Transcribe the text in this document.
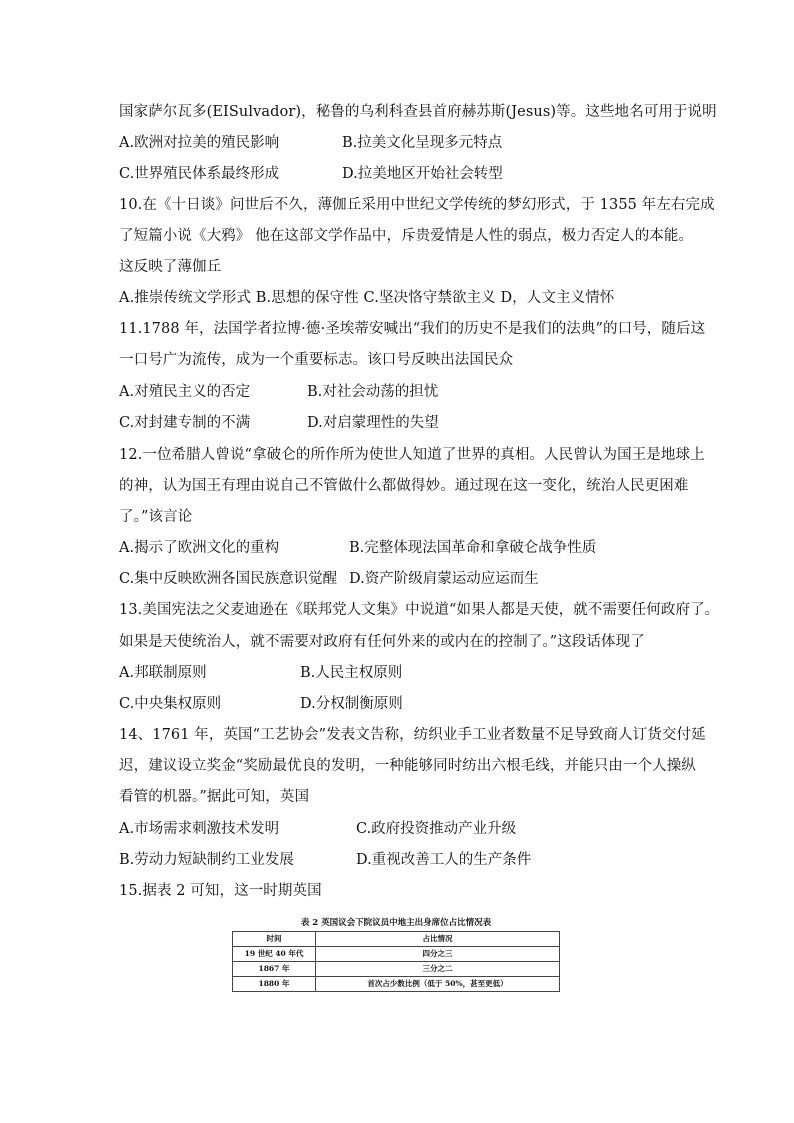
国家萨尔瓦多(EISulvador)，秘鲁的乌利科查县首府赫苏斯(Jesus)等。这些地名可用于说明
A.欧洲对拉美的殖民影响	B.拉美文化呈现多元特点
C.世界殖民体系最终形成	D.拉美地区开始社会转型
10.在《十日谈》问世后不久，薄伽丘采用中世纪文学传统的梦幻形式，于 1355 年左右完成
了短篇小说《大鸦》 他在这部文学作品中，斥贵爱情是人性的弱点，极力否定人的本能。
这反映了薄伽丘
A.推崇传统文学形式 B.思想的保守性 C.坚决恪守禁欲主义 D，人文主义情怀
11.1788 年，法国学者拉博·德·圣埃蒂安喊出“我们的历史不是我们的法典”的口号，随后这
一口号广为流传，成为一个重要标志。该口号反映出法国民众
A.对殖民主义的否定	B.对社会动荡的担忧
C.对封建专制的不满	D.对启蒙理性的失望
12.一位希腊人曾说“拿破仑的所作所为使世人知道了世界的真相。人民曾认为国王是地球上
的神，认为国王有理由说自己不管做什么都做得妙。通过现在这一变化，统治人民更困难
了。”该言论
A.揭示了欧洲文化的重构	B.完整体现法国革命和拿破仑战争性质
C.集中反映欧洲各国民族意识觉醒 D.资产阶级肩蒙运动应运而生
13.美国宪法之父麦迪逊在《联邦党人文集》中说道“如果人都是天使，就不需要任何政府了。
如果是天使统治人，就不需要对政府有任何外来的或内在的控制了。”这段话体现了
A.邦联制原则	B.人民主权原则
C.中央集权原则	D.分权制衡原则
14、1761 年，英国“工艺协会”发表文告称，纺织业手工业者数量不足导致商人订货交付延
迟，建议设立奖金“奖励最优良的发明，一种能够同时纺出六根毛线，并能只由一个人操纵
看管的机器。”据此可知，英国
A.市场需求刺激技术发明	C.政府投资推动产业升级
B.劳动力短缺制约工业发展	D.重视改善工人的生产条件
15.据表 2 可知，这一时期英国
表 2 英国议会下院议员中地主出身席位占比情况表
时间	占比情况
19 世纪 40 年代	四分之三
1867 年	三分之二
1880 年	首次占少数比例（低于 50%，甚至更低）
